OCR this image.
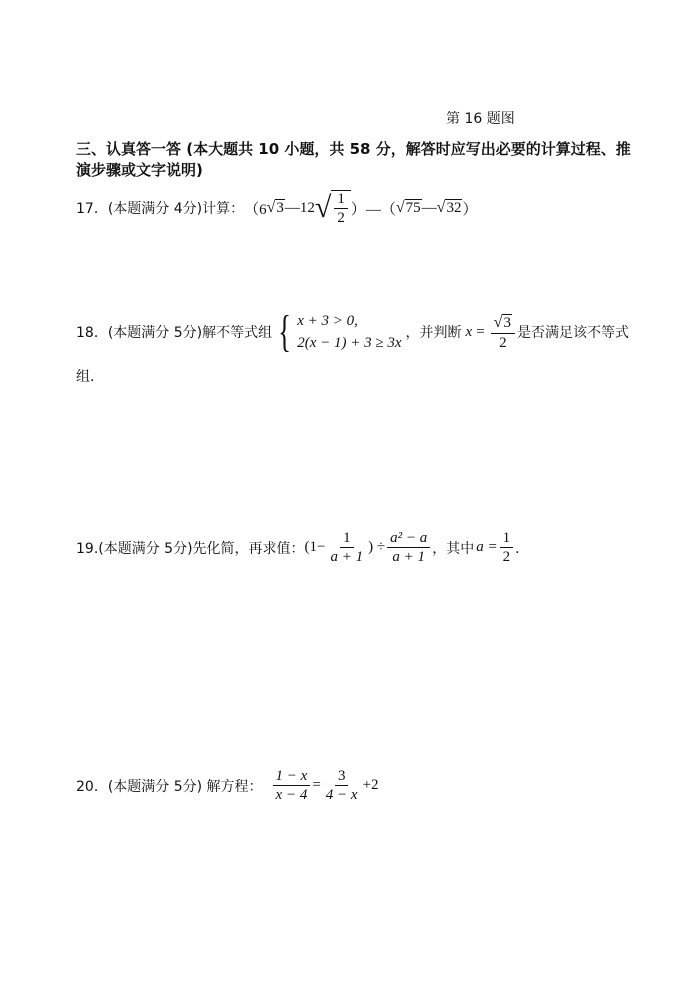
第 16 题图
三、认真答一答 (本大题共 10 小题，共 58 分，解答时应写出必要的计算过程、推演步骤或文字说明)
17．(本题满分 4分)计算： （6 √ 3 —12 √ $\frac{1}{2}$ ）—（ √ 75 — √ 32 ）
18．(本题满分 5分)解不等式组 { x + 3 > 0,
2(x − 1) + 3 ≥ 3x
，并判断 $x = \frac{√ 3}{2}$ 是否满足该不等式
组．
19.(本题满分 5分)先化简，再求值： ($1- \frac{1}{a + 1}$ ) ÷ $\frac{\text{a² − a}}{a + 1}$ ，其中 $a = \frac{1}{2}$ ．
20．(本题满分 5分) 解方程： $\frac{1 - x}{x - 4} = \frac{3}{4 - x} +2$
